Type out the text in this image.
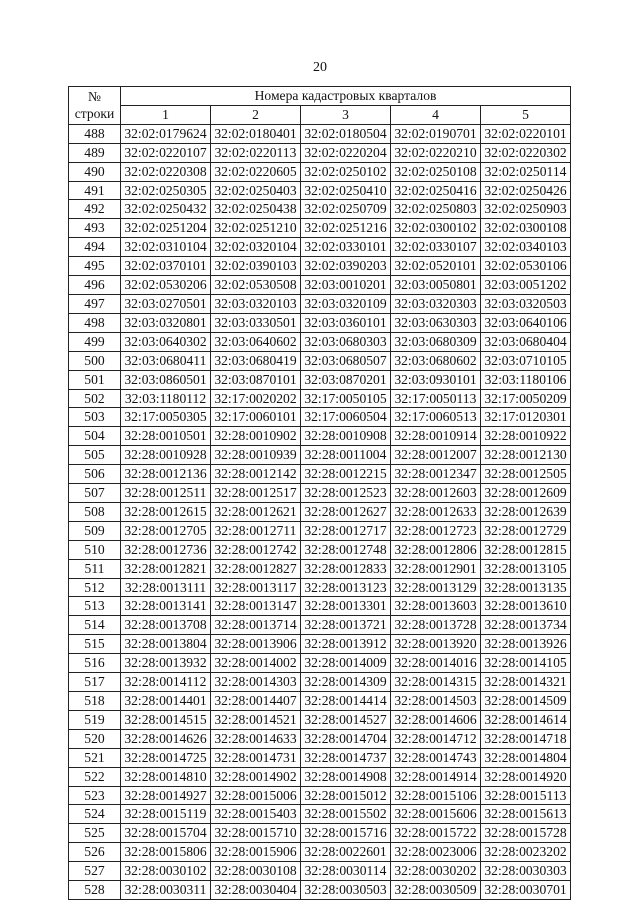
20
№
строки	Номера кадастровых кварталов				
	1	2	3	4	5
488	32:02:0179624	32:02:0180401	32:02:0180504	32:02:0190701	32:02:0220101
489	32:02:0220107	32:02:0220113	32:02:0220204	32:02:0220210	32:02:0220302
490	32:02:0220308	32:02:0220605	32:02:0250102	32:02:0250108	32:02:0250114
491	32:02:0250305	32:02:0250403	32:02:0250410	32:02:0250416	32:02:0250426
492	32:02:0250432	32:02:0250438	32:02:0250709	32:02:0250803	32:02:0250903
493	32:02:0251204	32:02:0251210	32:02:0251216	32:02:0300102	32:02:0300108
494	32:02:0310104	32:02:0320104	32:02:0330101	32:02:0330107	32:02:0340103
495	32:02:0370101	32:02:0390103	32:02:0390203	32:02:0520101	32:02:0530106
496	32:02:0530206	32:02:0530508	32:03:0010201	32:03:0050801	32:03:0051202
497	32:03:0270501	32:03:0320103	32:03:0320109	32:03:0320303	32:03:0320503
498	32:03:0320801	32:03:0330501	32:03:0360101	32:03:0630303	32:03:0640106
499	32:03:0640302	32:03:0640602	32:03:0680303	32:03:0680309	32:03:0680404
500	32:03:0680411	32:03:0680419	32:03:0680507	32:03:0680602	32:03:0710105
501	32:03:0860501	32:03:0870101	32:03:0870201	32:03:0930101	32:03:1180106
502	32:03:1180112	32:17:0020202	32:17:0050105	32:17:0050113	32:17:0050209
503	32:17:0050305	32:17:0060101	32:17:0060504	32:17:0060513	32:17:0120301
504	32:28:0010501	32:28:0010902	32:28:0010908	32:28:0010914	32:28:0010922
505	32:28:0010928	32:28:0010939	32:28:0011004	32:28:0012007	32:28:0012130
506	32:28:0012136	32:28:0012142	32:28:0012215	32:28:0012347	32:28:0012505
507	32:28:0012511	32:28:0012517	32:28:0012523	32:28:0012603	32:28:0012609
508	32:28:0012615	32:28:0012621	32:28:0012627	32:28:0012633	32:28:0012639
509	32:28:0012705	32:28:0012711	32:28:0012717	32:28:0012723	32:28:0012729
510	32:28:0012736	32:28:0012742	32:28:0012748	32:28:0012806	32:28:0012815
511	32:28:0012821	32:28:0012827	32:28:0012833	32:28:0012901	32:28:0013105
512	32:28:0013111	32:28:0013117	32:28:0013123	32:28:0013129	32:28:0013135
513	32:28:0013141	32:28:0013147	32:28:0013301	32:28:0013603	32:28:0013610
514	32:28:0013708	32:28:0013714	32:28:0013721	32:28:0013728	32:28:0013734
515	32:28:0013804	32:28:0013906	32:28:0013912	32:28:0013920	32:28:0013926
516	32:28:0013932	32:28:0014002	32:28:0014009	32:28:0014016	32:28:0014105
517	32:28:0014112	32:28:0014303	32:28:0014309	32:28:0014315	32:28:0014321
518	32:28:0014401	32:28:0014407	32:28:0014414	32:28:0014503	32:28:0014509
519	32:28:0014515	32:28:0014521	32:28:0014527	32:28:0014606	32:28:0014614
520	32:28:0014626	32:28:0014633	32:28:0014704	32:28:0014712	32:28:0014718
521	32:28:0014725	32:28:0014731	32:28:0014737	32:28:0014743	32:28:0014804
522	32:28:0014810	32:28:0014902	32:28:0014908	32:28:0014914	32:28:0014920
523	32:28:0014927	32:28:0015006	32:28:0015012	32:28:0015106	32:28:0015113
524	32:28:0015119	32:28:0015403	32:28:0015502	32:28:0015606	32:28:0015613
525	32:28:0015704	32:28:0015710	32:28:0015716	32:28:0015722	32:28:0015728
526	32:28:0015806	32:28:0015906	32:28:0022601	32:28:0023006	32:28:0023202
527	32:28:0030102	32:28:0030108	32:28:0030114	32:28:0030202	32:28:0030303
528	32:28:0030311	32:28:0030404	32:28:0030503	32:28:0030509	32:28:0030701
